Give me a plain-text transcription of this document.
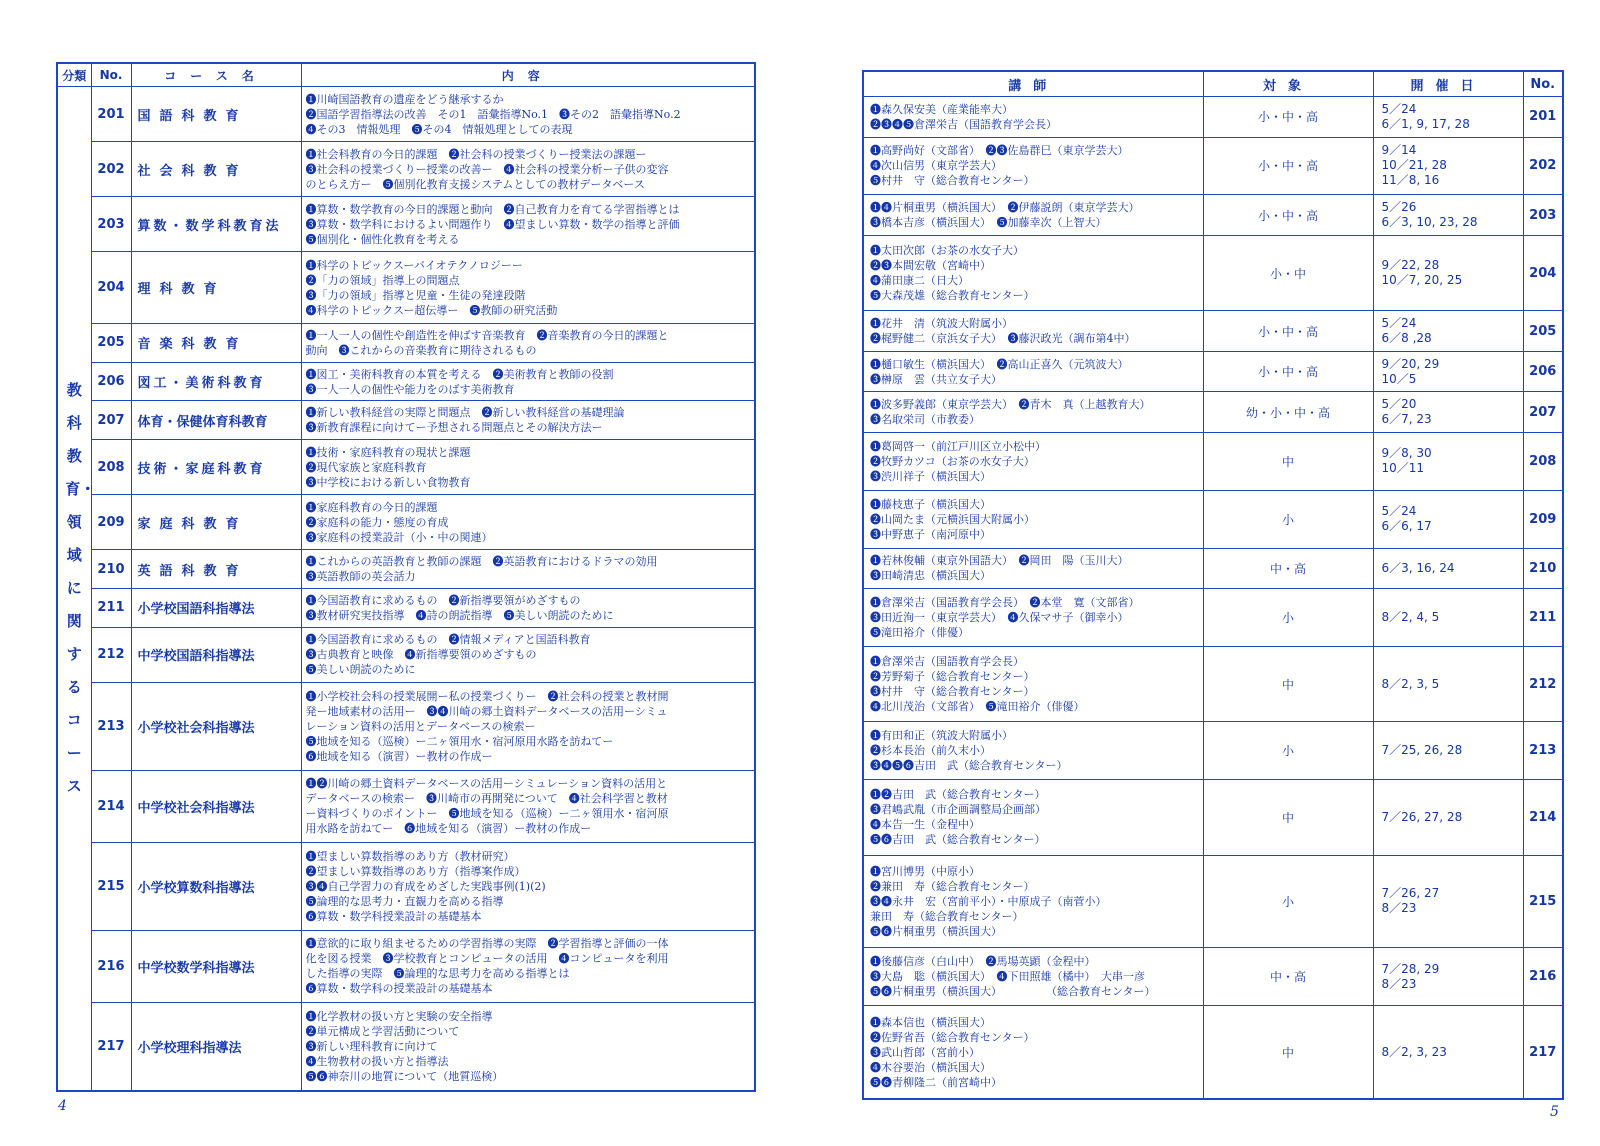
分類	No.	コース名	内容
教科教育・領域に関するコース	201	国語科教育	❶川崎国語教育の遺産をどう継承するか
❷国語学習指導法の改善　その1　語彙指導No.1　❸その2　語彙指導No.2
❹その3　情報処理　❺その4　情報処理としての表現

	202	社会科教育	❶社会科教育の今日的課題　❷社会科の授業づくりー授業法の課題ー
❸社会科の授業づくりー授業の改善ー　❹社会科の授業分析ー子供の変容
のとらえ方ー　❺個別化教育支援システムとしての教材データベース

	203	算数・数学科教育法	❶算数・数学教育の今日的課題と動向　❷自己教育力を育てる学習指導とは
❸算数・数学科におけるよい問題作り　❹望ましい算数・数学の指導と評価
❺個別化・個性化教育を考える

	204	理科教育	❶科学のトピックスーバイオテクノロジーー
❷「力の領域」指導上の問題点
❸「力の領域」指導と児童・生徒の発達段階
❹科学のトピックスー超伝導ー　❺教師の研究活動

	205	音楽科教育	❶一人一人の個性や創造性を伸ばす音楽教育　❷音楽教育の今日的課題と
動向　❸これからの音楽教育に期待されるもの

	206	図工・美術科教育	❶図工・美術科教育の本質を考える　❷美術教育と教師の役割
❸一人一人の個性や能力をのばす美術教育

	207	体育・保健体育科教育	❶新しい教科経営の実際と問題点　❷新しい教科経営の基礎理論
❸新教育課程に向けてー予想される問題点とその解決方法ー

	208	技術・家庭科教育	❶技術・家庭科教育の現状と課題
❷現代家族と家庭科教育
❸中学校における新しい食物教育

	209	家庭科教育	❶家庭科教育の今日的課題
❷家庭科の能力・態度の育成
❸家庭科の授業設計（小・中の関連）

	210	英語科教育	❶これからの英語教育と教師の課題　❷英語教育におけるドラマの効用
❸英語教師の英会話力

	211	小学校国語科指導法	❶今国語教育に求めるもの　❷新指導要領がめざすもの
❸教材研究実技指導　❹詩の朗読指導　❺美しい朗読のために

	212	中学校国語科指導法	❶今国語教育に求めるもの　❷情報メディアと国語科教育
❸古典教育と映像　❹新指導要領のめざすもの
❺美しい朗読のために

	213	小学校社会科指導法	❶小学校社会科の授業展開ー私の授業づくりー　❷社会科の授業と教材開
発ー地域素材の活用ー　❸❹川崎の郷土資料データベースの活用ーシミュ
レーション資料の活用とデータベースの検索ー
❺地域を知る（巡検）ー二ヶ領用水・宿河原用水路を訪ねてー
❻地域を知る（演習）ー教材の作成ー

	214	中学校社会科指導法	❶❷川崎の郷土資料データベースの活用ーシミュレーション資料の活用と
データベースの検索ー　❸川崎市の再開発について　❹社会科学習と教材
ー資料づくりのポイントー　❺地域を知る（巡検）ー二ヶ領用水・宿河原
用水路を訪ねてー　❻地域を知る（演習）ー教材の作成ー

	215	小学校算数科指導法	❶望ましい算数指導のあり方（教材研究）
❷望ましい算数指導のあり方（指導案作成）
❸❹自己学習力の育成をめざした実践事例(1)(2)
❺論理的な思考力・直観力を高める指導
❻算数・数学科授業設計の基礎基本

	216	中学校数学科指導法	❶意欲的に取り組ませるための学習指導の実際　❷学習指導と評価の一体
化を図る授業　❸学校教育とコンピュータの活用　❹コンピュータを利用
した指導の実際　❺論理的な思考力を高める指導とは
❻算数・数学科の授業設計の基礎基本

	217	小学校理科指導法	❶化学教材の扱い方と実験の安全指導
❷単元構成と学習活動について
❸新しい理科教育に向けて
❹生物教材の扱い方と指導法
❺❻神奈川の地質について（地質巡検）
講師	対象	開催日	No.

❶森久保安美（産業能率大）
❷❸❹❺倉澤栄吉（国語教育学会長）	小・中・高	5／24
6／1, 9, 17, 28	201

❶高野尚好（文部省）　❷❸佐島群巳（東京学芸大）
❹次山信男（東京学芸大）
❺村井　守（総合教育センター）	小・中・高	9／14
10／21, 28
11／8, 16	202

❶❹片桐重男（横浜国大）　❷伊藤説朗（東京学芸大）
❸橋本吉彦（横浜国大）　❺加藤幸次（上智大）	小・中・高	5／26
6／3, 10, 23, 28	203

❶太田次郎（お茶の水女子大）
❷❸本間宏敬（宮崎中）
❹蒲田康二（日大）
❺大森茂雄（総合教育センター）	小・中	9／22, 28
10／7, 20, 25	204

❶花井　清（筑波大附属小）
❷梶野健二（京浜女子大）　❸藤沢政光（調布第4中）	小・中・高	5／24
6／8 ,28	205

❶樋口敏生（横浜国大）　❷高山正喜久（元筑波大）
❸榊原　雲（共立女子大）	小・中・高	9／20, 29
10／5	206

❶波多野義郎（東京学芸大）　❷青木　真（上越教育大）
❸名取栄司（市教委）	幼・小・中・高	5／20
6／7, 23	207

❶葛岡啓一（前江戸川区立小松中）
❷牧野カツコ（お茶の水女子大）
❸渋川祥子（横浜国大）	中	9／8, 30
10／11	208

❶藤枝恵子（横浜国大）
❷山岡たま（元横浜国大附属小）
❸中野恵子（南河原中）	小	5／24
6／6, 17	209

❶若林俊輔（東京外国語大）　❷岡田　陽（玉川大）
❸田崎清忠（横浜国大）	中・高	6／3, 16, 24	210

❶倉澤栄吉（国語教育学会長）　❷本堂　寛（文部省）
❸田近洵一（東京学芸大）　❹久保マサ子（御幸小）
❺滝田裕介（俳優）	小	8／2, 4, 5	211

❶倉澤栄吉（国語教育学会長）
❷芳野菊子（総合教育センター）
❸村井　守（総合教育センター）
❹北川茂治（文部省）　❺滝田裕介（俳優）	中	8／2, 3, 5	212

❶有田和正（筑波大附属小）
❷杉本長治（前久末小）
❸❹❺❻吉田　武（総合教育センター）	小	7／25, 26, 28	213

❶❷吉田　武（総合教育センター）
❸君嶋武胤（市企画調整局企画部）
❹本告一生（金程中）
❺❻吉田　武（総合教育センター）	中	7／26, 27, 28	214

❶宮川博男（中原小）
❷兼田　寿（総合教育センター）
❸❹永井　宏（宮前平小）・中原成子（南菅小）
兼田　寿（総合教育センター）
❺❻片桐重男（横浜国大）	小	7／26, 27
8／23	215

❶後藤信彦（白山中）　❷馬場英顕（金程中）
❸大島　聡（横浜国大）　❹下田照雄（橘中）　大串一彦
❺❻片桐重男（横浜国大）　　　　　（総合教育センター）	中・高	7／28, 29
8／23	216

❶森本信也（横浜国大）
❷佐野省吾（総合教育センター）
❸武山哲郎（宮前小）
❹木谷要治（横浜国大）
❺❻青柳隆二（前宮崎中）	中	8／2, 3, 23	217
4	5
